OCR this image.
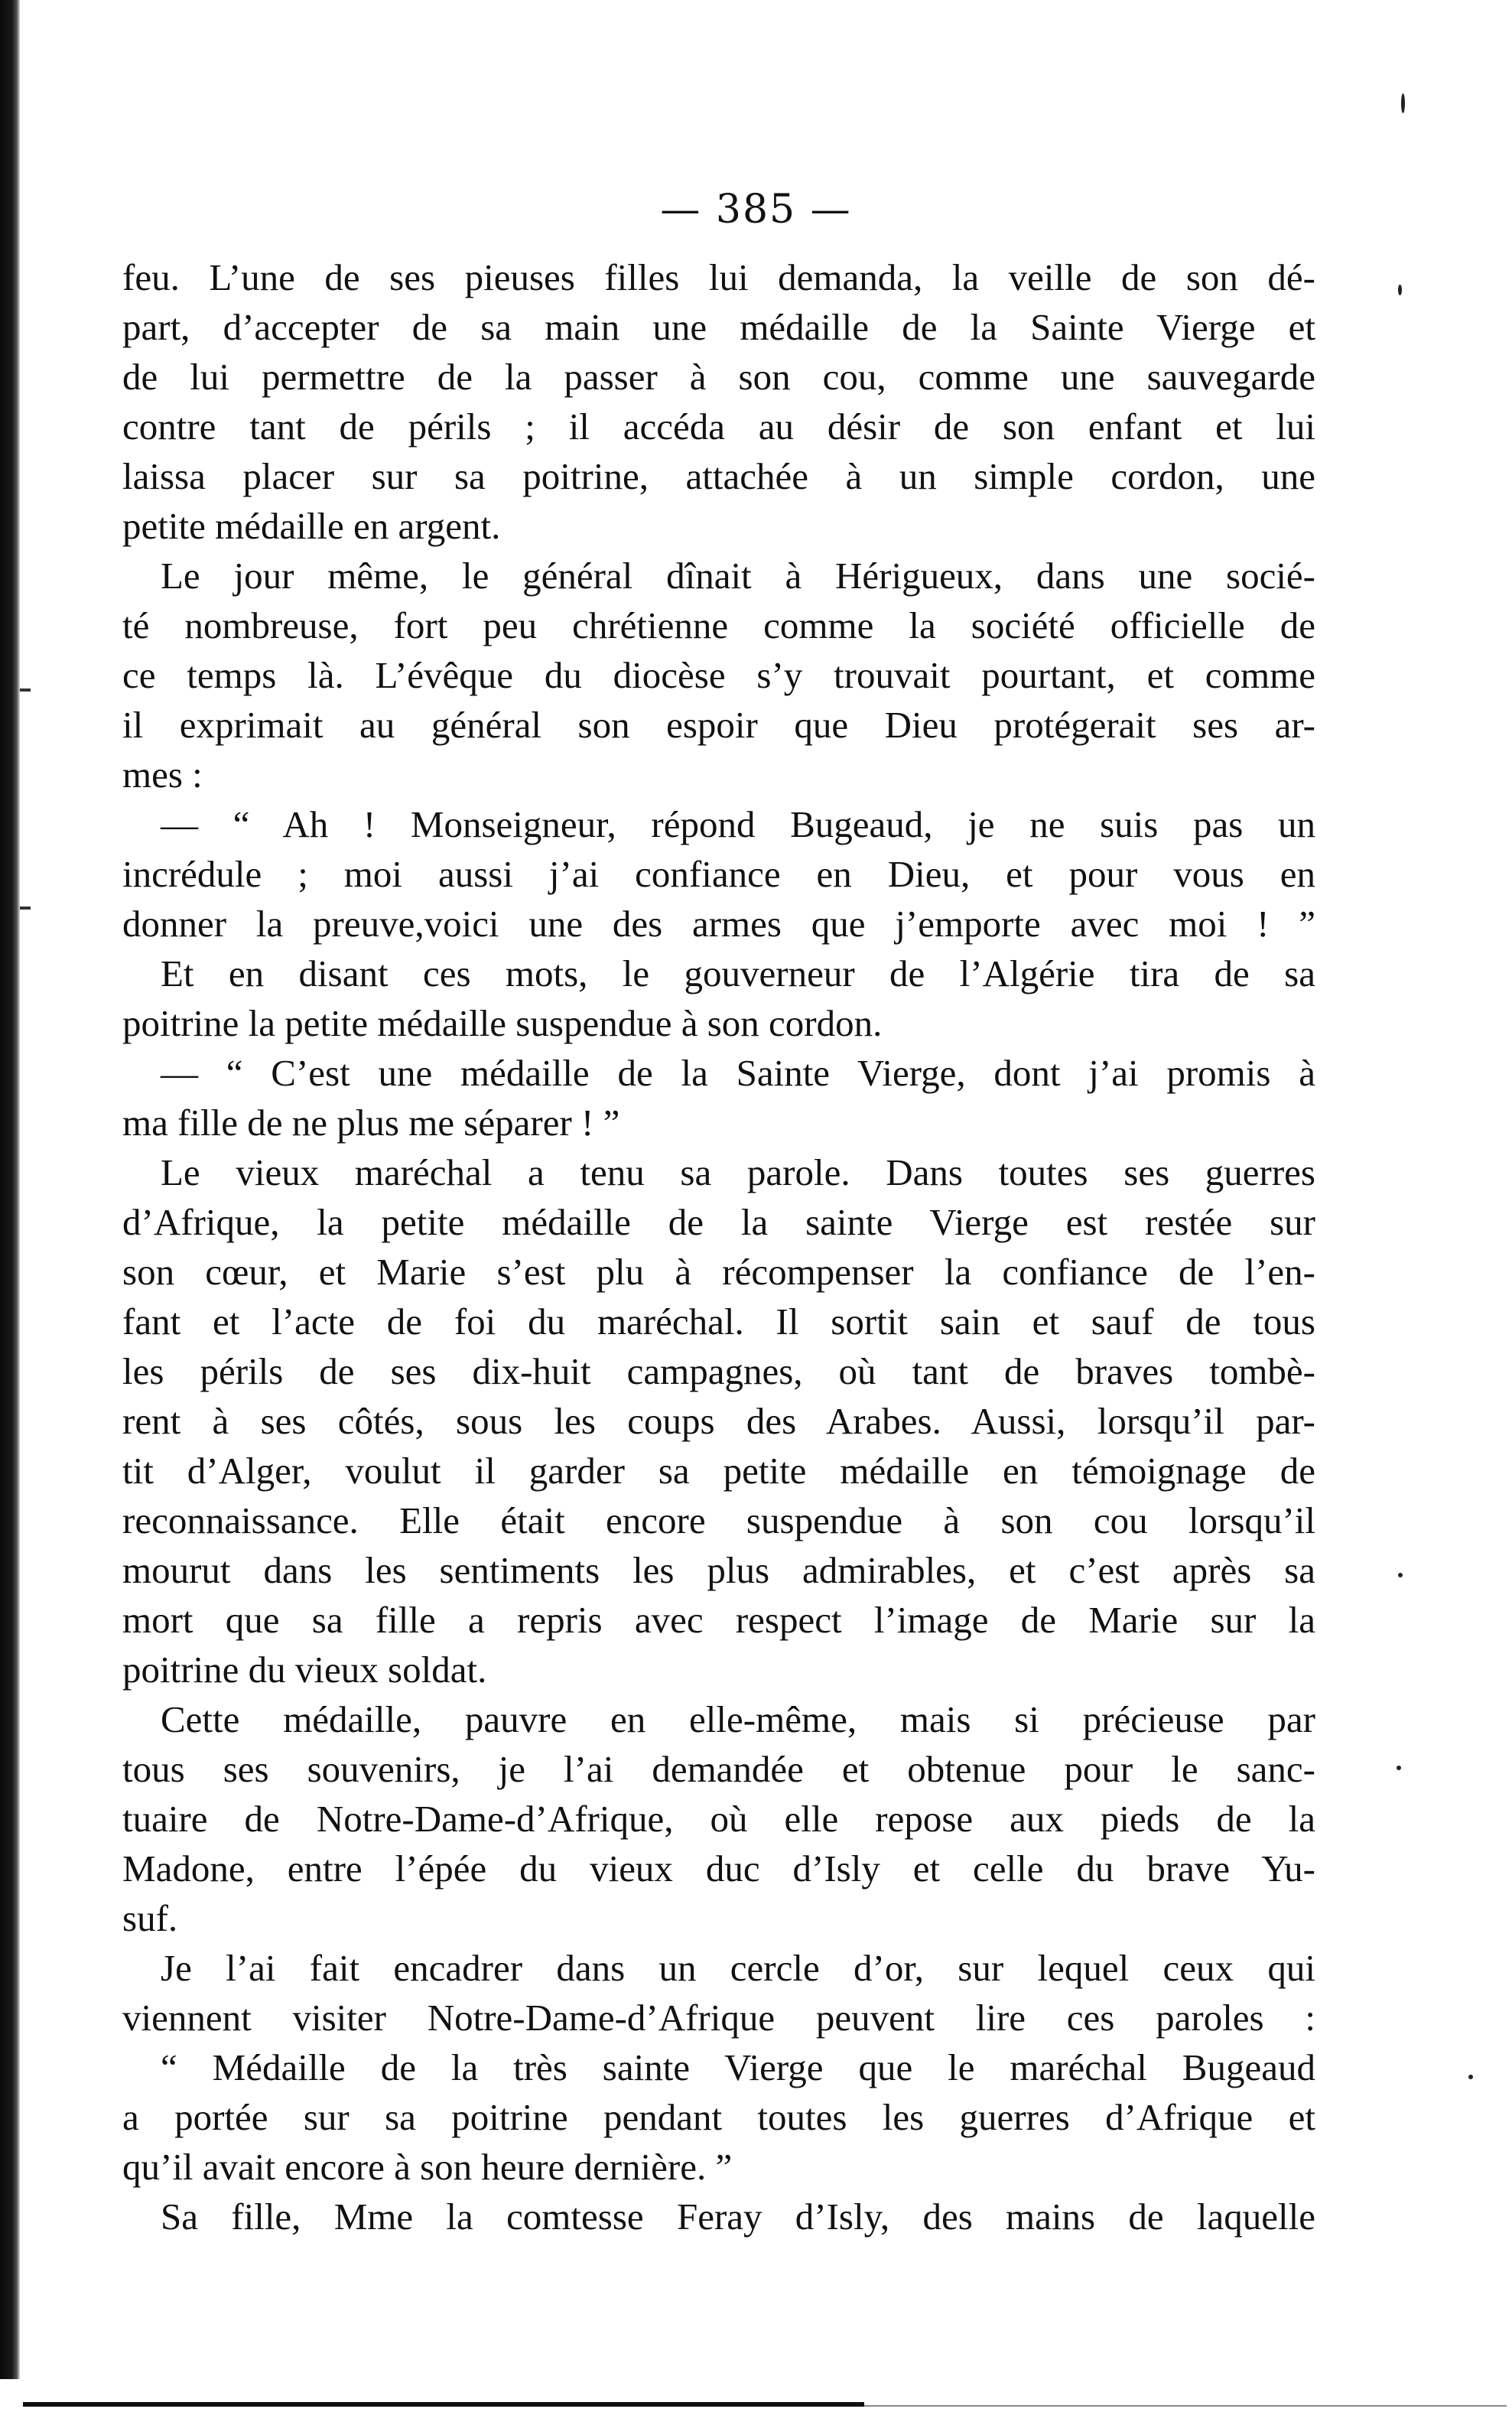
— 385 —
feu. L’une de ses pieuses filles lui demanda, la veille de son dé-
part, d’accepter de sa main une médaille de la Sainte Vierge et
de lui permettre de la passer à son cou, comme une sauvegarde
contre tant de périls ; il accéda au désir de son enfant et lui
laissa placer sur sa poitrine, attachée à un simple cordon, une
petite médaille en argent.
Le jour même, le général dînait à Hérigueux, dans une socié-
té nombreuse, fort peu chrétienne comme la société officielle de
ce temps là. L’évêque du diocèse s’y trouvait pourtant, et comme
il exprimait au général son espoir que Dieu protégerait ses ar-
mes :
— “ Ah ! Monseigneur, répond Bugeaud, je ne suis pas un
incrédule ; moi aussi j’ai confiance en Dieu, et pour vous en
donner la preuve,voici une des armes que j’emporte avec moi ! ”
Et en disant ces mots, le gouverneur de l’Algérie tira de sa
poitrine la petite médaille suspendue à son cordon.
— “ C’est une médaille de la Sainte Vierge, dont j’ai promis à
ma fille de ne plus me séparer ! ”
Le vieux maréchal a tenu sa parole. Dans toutes ses guerres
d’Afrique, la petite médaille de la sainte Vierge est restée sur
son cœur, et Marie s’est plu à récompenser la confiance de l’en-
fant et l’acte de foi du maréchal. Il sortit sain et sauf de tous
les périls de ses dix-huit campagnes, où tant de braves tombè-
rent à ses côtés, sous les coups des Arabes. Aussi, lorsqu’il par-
tit d’Alger, voulut il garder sa petite médaille en témoignage de
reconnaissance. Elle était encore suspendue à son cou lorsqu’il
mourut dans les sentiments les plus admirables, et c’est après sa
mort que sa fille a repris avec respect l’image de Marie sur la
poitrine du vieux soldat.
Cette médaille, pauvre en elle-même, mais si précieuse par
tous ses souvenirs, je l’ai demandée et obtenue pour le sanc-
tuaire de Notre-Dame-d’Afrique, où elle repose aux pieds de la
Madone, entre l’épée du vieux duc d’Isly et celle du brave Yu-
suf.
Je l’ai fait encadrer dans un cercle d’or, sur lequel ceux qui
viennent visiter Notre-Dame-d’Afrique peuvent lire ces paroles :
“ Médaille de la très sainte Vierge que le maréchal Bugeaud
a portée sur sa poitrine pendant toutes les guerres d’Afrique et
qu’il avait encore à son heure dernière. ”
Sa fille, Mme la comtesse Feray d’Isly, des mains de laquelle
